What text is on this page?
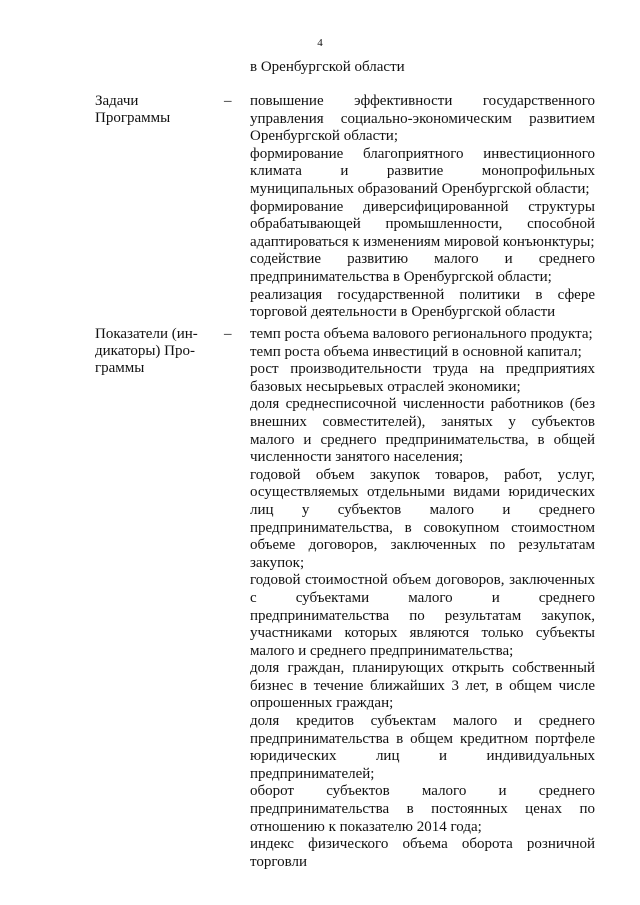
4
в Оренбургской области
Задачи
Программы
– повышение эффективности государственного управления социально-экономическим развитием Оренбургской области;

формирование благоприятного инвестиционного климата и развитие монопрофильных муниципальных образований Оренбургской области;

формирование диверсифицированной структуры обрабатывающей промышленности, способной адаптироваться к изменениям мировой конъюнктуры;

содействие развитию малого и среднего предпринимательства в Оренбургской области;

реализация государственной политики в сфере торговой деятельности в Оренбургской области

Показатели (ин-
дикаторы) Про-
граммы
– темп роста объема валового регионального продукта;

темп роста объема инвестиций в основной капитал;

рост производительности труда на предприятиях базовых несырьевых отраслей экономики;

доля среднесписочной численности работников (без внешних совместителей), занятых у субъектов малого и среднего предпринимательства, в общей численности занятого населения;

годовой объем закупок товаров, работ, услуг, осуществляемых отдельными видами юридических лиц у субъектов малого и среднего предпринимательства, в совокупном стоимостном объеме договоров, заключенных по результатам закупок;

годовой стоимостной объем договоров, заключенных с субъектами малого и среднего предпринимательства по результатам закупок, участниками которых являются только субъекты малого и среднего предпринимательства;

доля граждан, планирующих открыть собственный бизнес в течение ближайших 3 лет, в общем числе опрошенных граждан;

доля кредитов субъектам малого и среднего предпринимательства в общем кредитном портфеле юридических лиц и индивидуальных предпринимателей;

оборот субъектов малого и среднего предпринимательства в постоянных ценах по отношению к показателю 2014 года;

индекс физического объема оборота розничной торговли
